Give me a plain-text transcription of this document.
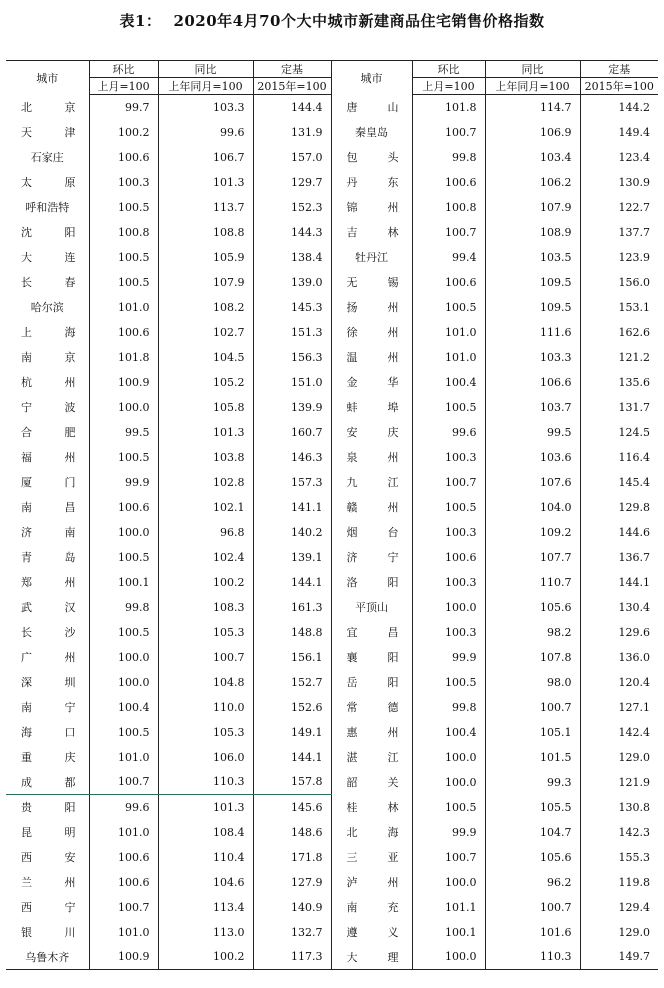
表1： 2020年4月70个大中城市新建商品住宅销售价格指数
城市	环比	同比	定基	城市	环比	同比	定基
	上月=100	上年同月=100	2015年=100		上月=100	上年同月=100	2015年=100
北京	99.7	103.3	144.4	唐山	101.8	114.7	144.2
天津	100.2	99.6	131.9	秦皇岛	100.7	106.9	149.4
石家庄	100.6	106.7	157.0	包头	99.8	103.4	123.4
太原	100.3	101.3	129.7	丹东	100.6	106.2	130.9
呼和浩特	100.5	113.7	152.3	锦州	100.8	107.9	122.7
沈阳	100.8	108.8	144.3	吉林	100.7	108.9	137.7
大连	100.5	105.9	138.4	牡丹江	99.4	103.5	123.9
长春	100.5	107.9	139.0	无锡	100.6	109.5	156.0
哈尔滨	101.0	108.2	145.3	扬州	100.5	109.5	153.1
上海	100.6	102.7	151.3	徐州	101.0	111.6	162.6
南京	101.8	104.5	156.3	温州	101.0	103.3	121.2
杭州	100.9	105.2	151.0	金华	100.4	106.6	135.6
宁波	100.0	105.8	139.9	蚌埠	100.5	103.7	131.7
合肥	99.5	101.3	160.7	安庆	99.6	99.5	124.5
福州	100.5	103.8	146.3	泉州	100.3	103.6	116.4
厦门	99.9	102.8	157.3	九江	100.7	107.6	145.4
南昌	100.6	102.1	141.1	赣州	100.5	104.0	129.8
济南	100.0	96.8	140.2	烟台	100.3	109.2	144.6
青岛	100.5	102.4	139.1	济宁	100.6	107.7	136.7
郑州	100.1	100.2	144.1	洛阳	100.3	110.7	144.1
武汉	99.8	108.3	161.3	平顶山	100.0	105.6	130.4
长沙	100.5	105.3	148.8	宜昌	100.3	98.2	129.6
广州	100.0	100.7	156.1	襄阳	99.9	107.8	136.0
深圳	100.0	104.8	152.7	岳阳	100.5	98.0	120.4
南宁	100.4	110.0	152.6	常德	99.8	100.7	127.1
海口	100.5	105.3	149.1	惠州	100.4	105.1	142.4
重庆	101.0	106.0	144.1	湛江	100.0	101.5	129.0
成都	100.7	110.3	157.8	韶关	100.0	99.3	121.9
贵阳	99.6	101.3	145.6	桂林	100.5	105.5	130.8
昆明	101.0	108.4	148.6	北海	99.9	104.7	142.3
西安	100.6	110.4	171.8	三亚	100.7	105.6	155.3
兰州	100.6	104.6	127.9	泸州	100.0	96.2	119.8
西宁	100.7	113.4	140.9	南充	101.1	100.7	129.4
银川	101.0	113.0	132.7	遵义	100.1	101.6	129.0
乌鲁木齐	100.9	100.2	117.3	大理	100.0	110.3	149.7
